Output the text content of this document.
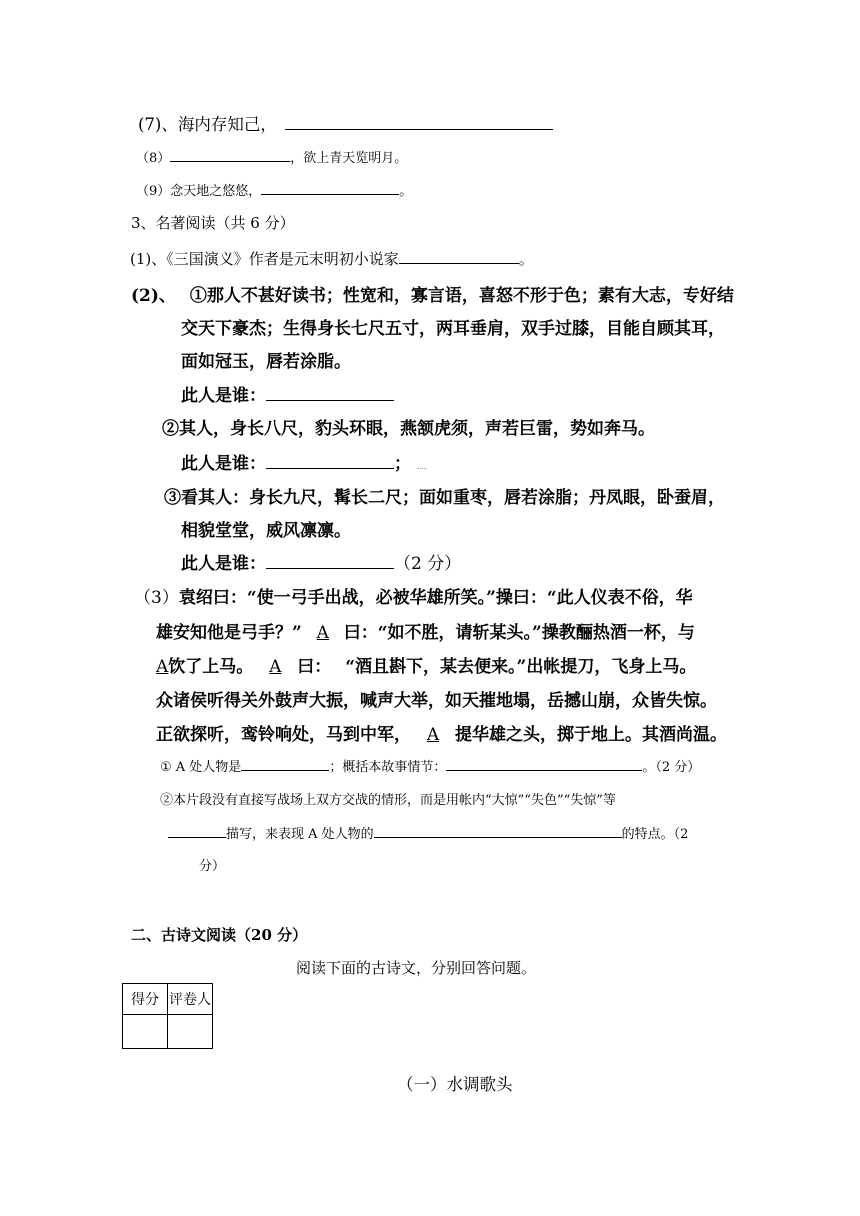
(7)、海内存知己，
（8）	，欲上青天览明月。
（9）念天地之悠悠，	。
3、名著阅读（共 6 分）
(1)、《三国演义》作者是元末明初小说家	。
(2)、 ①那人不甚好读书；性宽和，寡言语，喜怒不形于色；素有大志，专好结
交天下豪杰；生得身长七尺五寸，两耳垂肩，双手过膝，目能自顾其耳，
面如冠玉，唇若涂脂。
此人是谁：
②其人，身长八尺，豹头环眼，燕颔虎须，声若巨雷，势如奔马。
此人是谁：	；
③看其人：身长九尺，髯长二尺；面如重枣，唇若涂脂；丹凤眼，卧蚕眉，
相貌堂堂，威风凛凛。
此人是谁：	（2 分）
（3）袁绍曰：“使一弓手出战，必被华雄所笑。”操曰：“此人仪表不俗，华
雄安知他是弓手？” A 曰：“如不胜，请斩某头。”操教酾热酒一杯，与
A饮了上马。 A 曰： “酒且斟下，某去便来。”出帐提刀，飞身上马。
众诸侯听得关外鼓声大振，喊声大举，如天摧地塌，岳撼山崩，众皆失惊。
正欲探听，鸾铃响处，马到中军， A 提华雄之头，掷于地上。其酒尚温。
① A 处人物是	；概括本故事情节：	。（2 分）
②本片段没有直接写战场上双方交战的情形，而是用帐内“大惊”“失色”“失惊”等
描写，来表现 A 处人物的	的特点。（2
分）
二、古诗文阅读（20 分）
阅读下面的古诗文，分别回答问题。
得分	评卷人

（一）水调歌头
